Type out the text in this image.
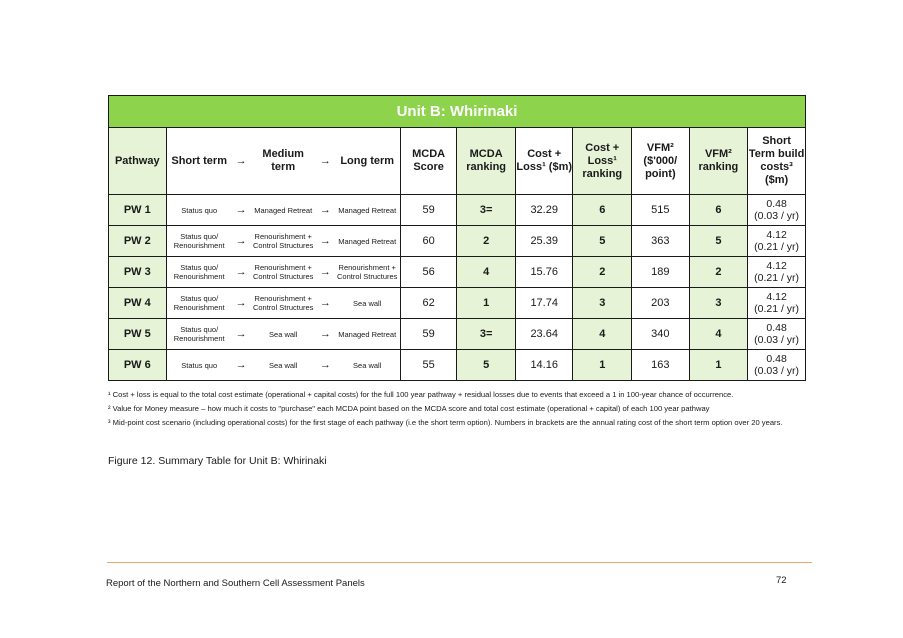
Unit B: Whirinaki												
Pathway	Short term	→	Medium term	→	Long term	MCDA Score	MCDA ranking	Cost + Loss¹ ($m)	Cost + Loss¹ ranking	VFM² ($'000/ point)	VFM² ranking	Short Term build costs³ ($m)
PW 1	Status quo	→	Managed Retreat	→	Managed Retreat	59	3=	32.29	6	515	6	0.48
(0.03 / yr)

PW 2	Status quo/ Renourishment	→	Renourishment + Control Structures	→	Managed Retreat	60	2	25.39	5	363	5	4.12
(0.21 / yr)

PW 3	Status quo/ Renourishment	→	Renourishment + Control Structures	→	Renourishment + Control Structures	56	4	15.76	2	189	2	4.12
(0.21 / yr)

PW 4	Status quo/ Renourishment	→	Renourishment + Control Structures	→	Sea wall	62	1	17.74	3	203	3	4.12
(0.21 / yr)

PW 5	Status quo/ Renourishment	→	Sea wall	→	Managed Retreat	59	3=	23.64	4	340	4	0.48
(0.03 / yr)

PW 6	Status quo	→	Sea wall	→	Sea wall	55	5	14.16	1	163	1	0.48
(0.03 / yr)
¹ Cost + loss is equal to the total cost estimate (operational + capital costs) for the full 100 year pathway + residual losses due to events that exceed a 1 in 100-year chance of occurrence.
² Value for Money measure – how much it costs to "purchase" each MCDA point based on the MCDA score and total cost estimate (operational + capital) of each 100 year pathway
³ Mid-point cost scenario (including operational costs) for the first stage of each pathway (i.e the short term option). Numbers in brackets are the annual rating cost of the short term option over 20 years.
Figure 12. Summary Table for Unit B: Whirinaki
Report of the Northern and Southern Cell Assessment Panels	72
